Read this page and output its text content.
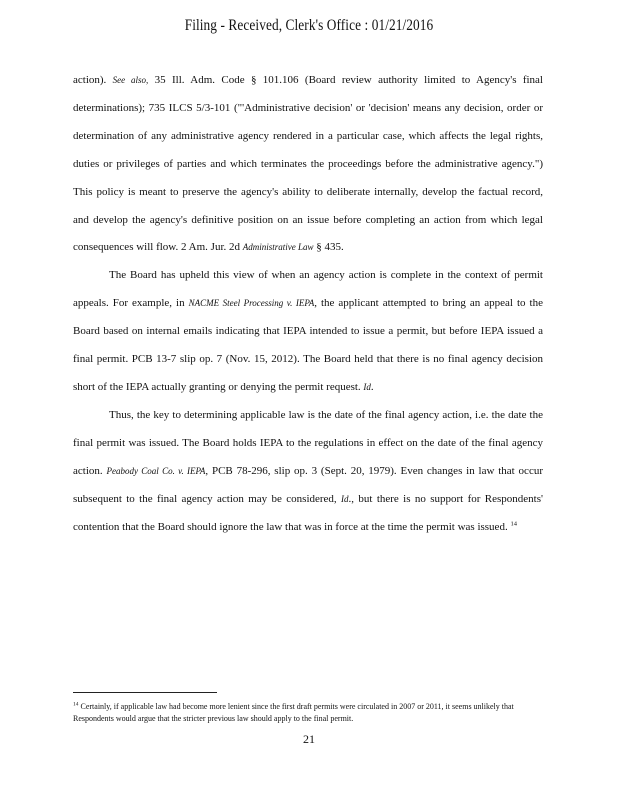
Filing - Received, Clerk's Office : 01/21/2016

action). See also, 35 Ill. Adm. Code § 101.106 (Board review authority limited to Agency's final determinations); 735 ILCS 5/3-101 ("'Administrative decision' or 'decision' means any decision, order or determination of any administrative agency rendered in a particular case, which affects the legal rights, duties or privileges of parties and which terminates the proceedings before the administrative agency.") This policy is meant to preserve the agency's ability to deliberate internally, develop the factual record, and develop the agency's definitive position on an issue before completing an action from which legal consequences will flow. 2 Am. Jur. 2d Administrative Law § 435.

The Board has upheld this view of when an agency action is complete in the context of permit appeals. For example, in NACME Steel Processing v. IEPA, the applicant attempted to bring an appeal to the Board based on internal emails indicating that IEPA intended to issue a permit, but before IEPA issued a final permit. PCB 13-7 slip op. 7 (Nov. 15, 2012). The Board held that there is no final agency decision short of the IEPA actually granting or denying the permit request. Id.

Thus, the key to determining applicable law is the date of the final agency action, i.e. the date the final permit was issued. The Board holds IEPA to the regulations in effect on the date of the final agency action. Peabody Coal Co. v. IEPA, PCB 78-296, slip op. 3 (Sept. 20, 1979). Even changes in law that occur subsequent to the final agency action may be considered, Id., but there is no support for Respondents' contention that the Board should ignore the law that was in force at the time the permit was issued. $^{14}$

$^{14}$ Certainly, if applicable law had become more lenient since the first draft permits were circulated in 2007 or 2011, it seems unlikely that Respondents would argue that the stricter previous law should apply to the final permit.
21
